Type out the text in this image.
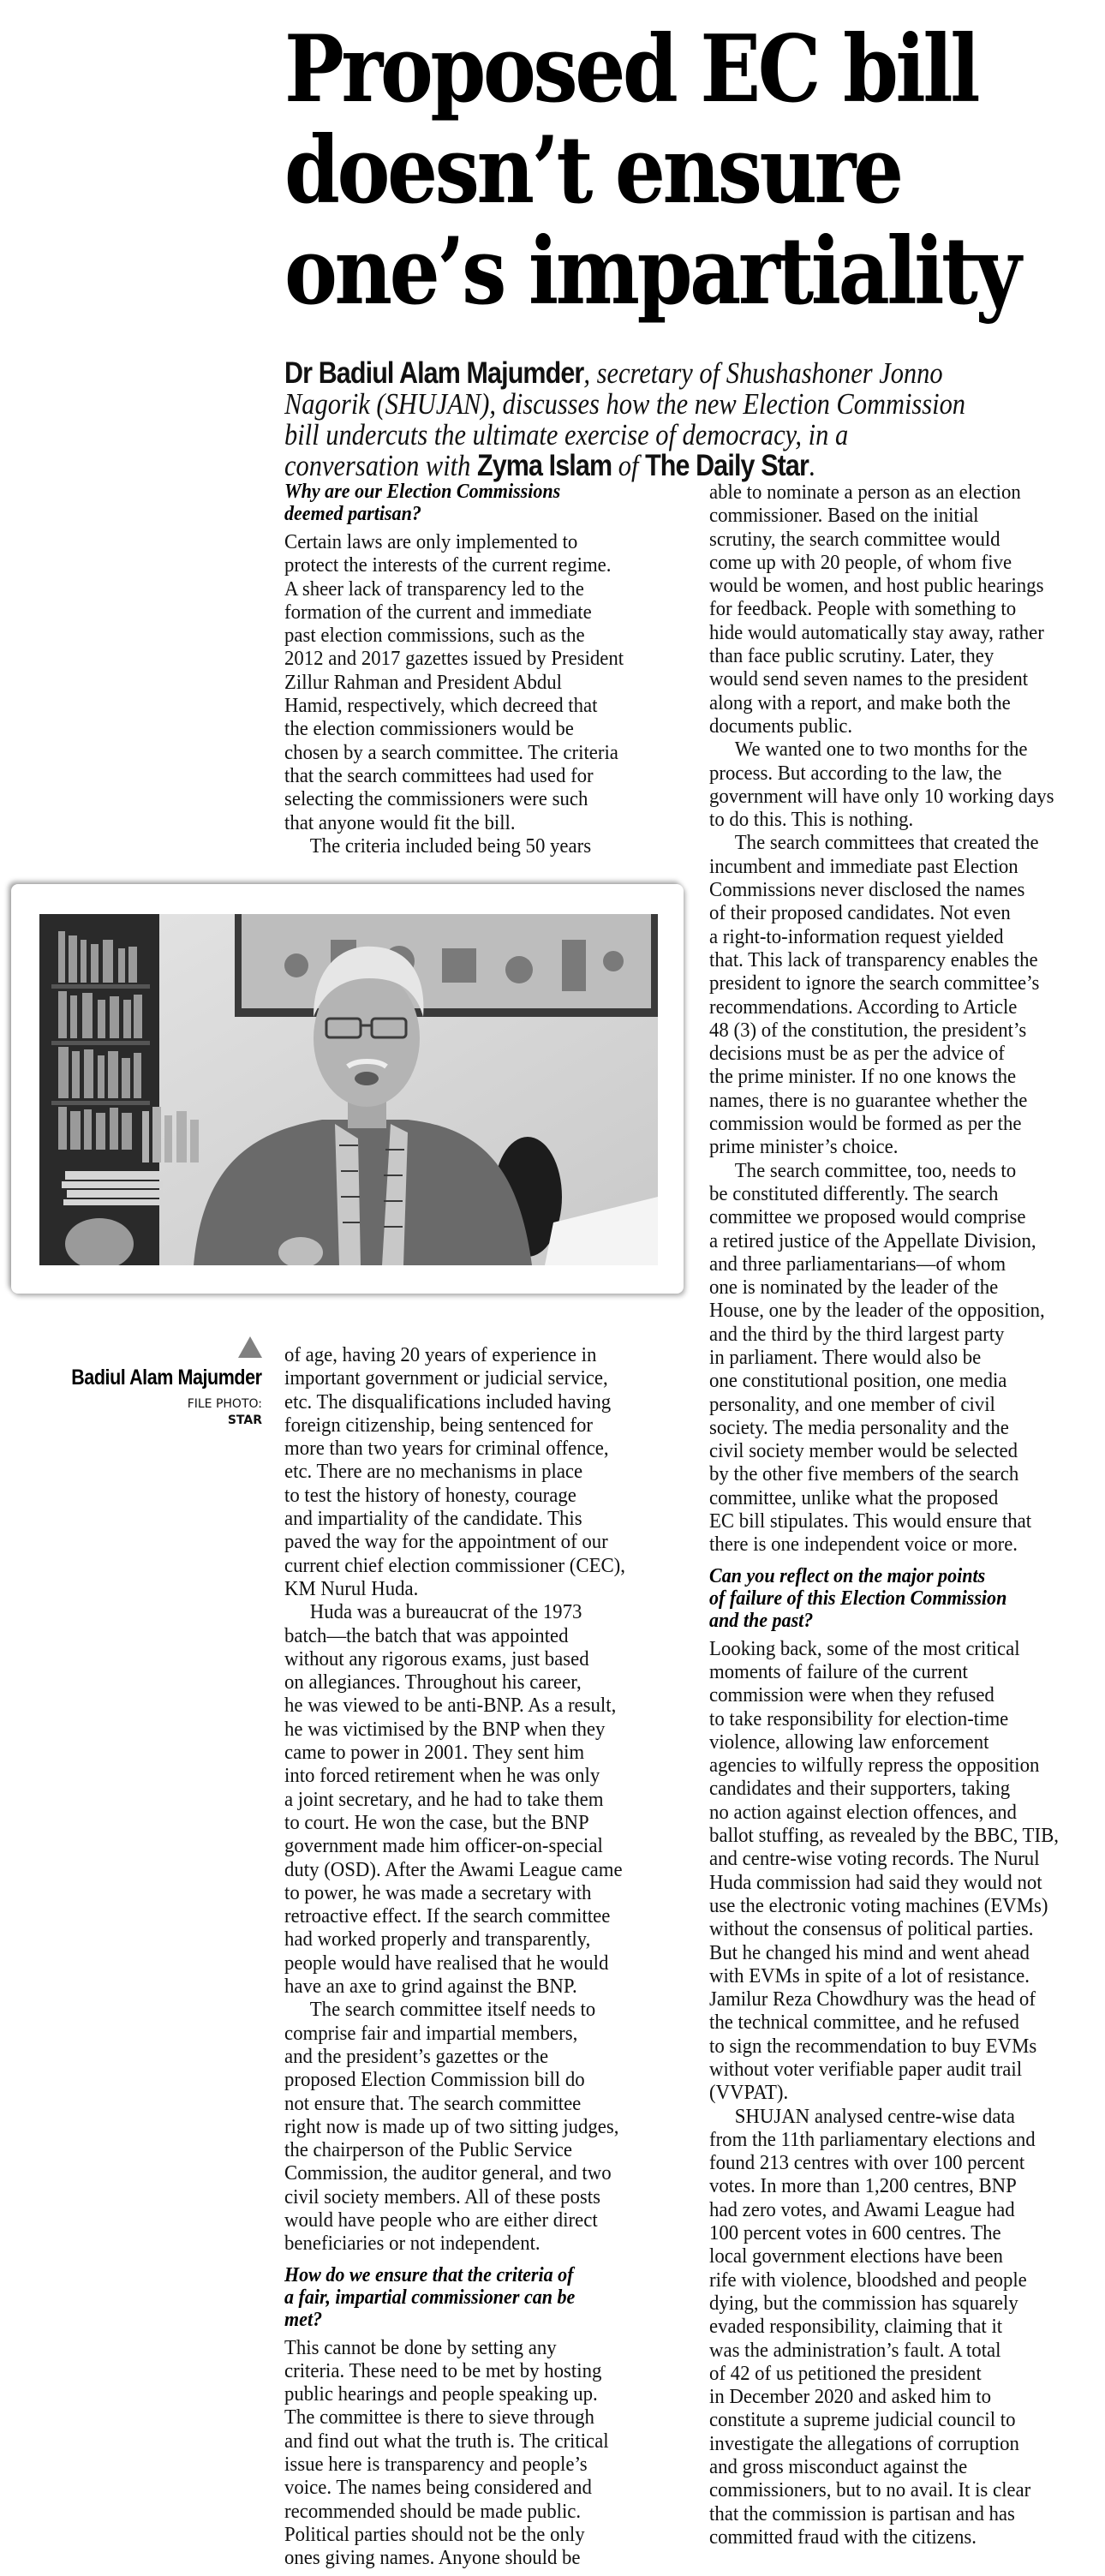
Proposed EC bill
doesn’t ensure
one’s impartiality
Dr Badiul Alam Majumder, secretary of Shushashoner Jonno
Nagorik (SHUJAN), discusses how the new Election Commission
bill undercuts the ultimate exercise of democracy, in a
conversation with Zyma Islam of The Daily Star.
Why are our Election Commissions
deemed partisan?
Certain laws are only implemented to
protect the interests of the current regime.
A sheer lack of transparency led to the
formation of the current and immediate
past election commissions, such as the
2012 and 2017 gazettes issued by President
Zillur Rahman and President Abdul
Hamid, respectively, which decreed that
the election commissioners would be
chosen by a search committee. The criteria
that the search committees had used for
selecting the commissioners were such
that anyone would fit the bill.
The criteria included being 50 years
Badiul Alam Majumder
FILE PHOTO:
STAR
of age, having 20 years of experience in
important government or judicial service,
etc. The disqualifications included having
foreign citizenship, being sentenced for
more than two years for criminal offence,
etc. There are no mechanisms in place
to test the history of honesty, courage
and impartiality of the candidate. This
paved the way for the appointment of our
current chief election commissioner (CEC),
KM Nurul Huda.
Huda was a bureaucrat of the 1973
batch—the batch that was appointed
without any rigorous exams, just based
on allegiances. Throughout his career,
he was viewed to be anti-BNP. As a result,
he was victimised by the BNP when they
came to power in 2001. They sent him
into forced retirement when he was only
a joint secretary, and he had to take them
to court. He won the case, but the BNP
government made him officer-on-special
duty (OSD). After the Awami League came
to power, he was made a secretary with
retroactive effect. If the search committee
had worked properly and transparently,
people would have realised that he would
have an axe to grind against the BNP.
The search committee itself needs to
comprise fair and impartial members,
and the president’s gazettes or the
proposed Election Commission bill do
not ensure that. The search committee
right now is made up of two sitting judges,
the chairperson of the Public Service
Commission, the auditor general, and two
civil society members. All of these posts
would have people who are either direct
beneficiaries or not independent.
How do we ensure that the criteria of
a fair, impartial commissioner can be
met?
This cannot be done by setting any
criteria. These need to be met by hosting
public hearings and people speaking up.
The committee is there to sieve through
and find out what the truth is. The critical
issue here is transparency and people’s
voice. The names being considered and
recommended should be made public.
Political parties should not be the only
ones giving names. Anyone should be
able to nominate a person as an election
commissioner. Based on the initial
scrutiny, the search committee would
come up with 20 people, of whom five
would be women, and host public hearings
for feedback. People with something to
hide would automatically stay away, rather
than face public scrutiny. Later, they
would send seven names to the president
along with a report, and make both the
documents public.
We wanted one to two months for the
process. But according to the law, the
government will have only 10 working days
to do this. This is nothing.
The search committees that created the
incumbent and immediate past Election
Commissions never disclosed the names
of their proposed candidates. Not even
a right-to-information request yielded
that. This lack of transparency enables the
president to ignore the search committee’s
recommendations. According to Article
48 (3) of the constitution, the president’s
decisions must be as per the advice of
the prime minister. If no one knows the
names, there is no guarantee whether the
commission would be formed as per the
prime minister’s choice.
The search committee, too, needs to
be constituted differently. The search
committee we proposed would comprise
a retired justice of the Appellate Division,
and three parliamentarians—of whom
one is nominated by the leader of the
House, one by the leader of the opposition,
and the third by the third largest party
in parliament. There would also be
one constitutional position, one media
personality, and one member of civil
society. The media personality and the
civil society member would be selected
by the other five members of the search
committee, unlike what the proposed
EC bill stipulates. This would ensure that
there is one independent voice or more.
Can you reflect on the major points
of failure of this Election Commission
and the past?
Looking back, some of the most critical
moments of failure of the current
commission were when they refused
to take responsibility for election-time
violence, allowing law enforcement
agencies to wilfully repress the opposition
candidates and their supporters, taking
no action against election offences, and
ballot stuffing, as revealed by the BBC, TIB,
and centre-wise voting records. The Nurul
Huda commission had said they would not
use the electronic voting machines (EVMs)
without the consensus of political parties.
But he changed his mind and went ahead
with EVMs in spite of a lot of resistance.
Jamilur Reza Chowdhury was the head of
the technical committee, and he refused
to sign the recommendation to buy EVMs
without voter verifiable paper audit trail
(VVPAT).
SHUJAN analysed centre-wise data
from the 11th parliamentary elections and
found 213 centres with over 100 percent
votes. In more than 1,200 centres, BNP
had zero votes, and Awami League had
100 percent votes in 600 centres. The
local government elections have been
rife with violence, bloodshed and people
dying, but the commission has squarely
evaded responsibility, claiming that it
was the administration’s fault. A total
of 42 of us petitioned the president
in December 2020 and asked him to
constitute a supreme judicial council to
investigate the allegations of corruption
and gross misconduct against the
commissioners, but to no avail. It is clear
that the commission is partisan and has
committed fraud with the citizens.
